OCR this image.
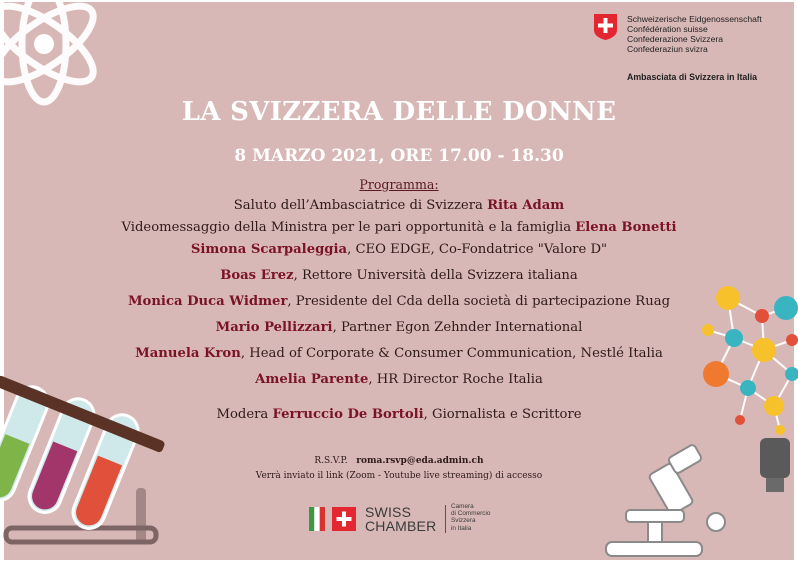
Schweizerische Eidgenossenschaft
Confédération suisse
Confederazione Svizzera
Confederaziun svizra
Ambasciata di Svizzera in Italia
LA SVIZZERA DELLE DONNE
8 MARZO 2021, ORE 17.00 - 18.30
Programma:
Saluto dell’Ambasciatrice di Svizzera Rita Adam
Videomessaggio della Ministra per le pari opportunità e la famiglia Elena Bonetti
Simona Scarpaleggia, CEO EDGE, Co-Fondatrice "Valore D"
Boas Erez, Rettore Università della Svizzera italiana
Monica Duca Widmer, Presidente del Cda della società di partecipazione Ruag
Mario Pellizzari, Partner Egon Zehnder International
Manuela Kron, Head of Corporate & Consumer Communication, Nestlé Italia
Amelia Parente, HR Director Roche Italia
Modera Ferruccio De Bortoli, Giornalista e Scrittore
R.S.V.P. roma.rsvp@eda.admin.ch
Verrà inviato il link (Zoom - Youtube live streaming) di accesso
SWISS
CHAMBER
Camera
di Commercio
Svizzera
in Italia
